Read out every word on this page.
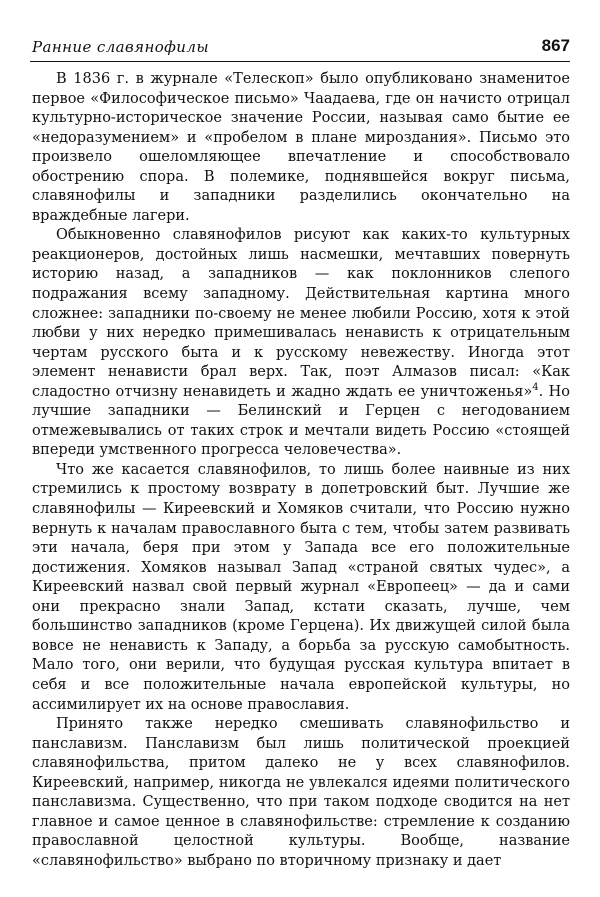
Ранние славянофилы	867

В 1836 г. в журнале «Телескоп» было опубликовано знаменитое первое «Философическое письмо» Чаадаева, где он начисто отрицал культурно-историческое значение России, называя само бытие ее «недоразумением» и «пробелом в плане мироздания». Письмо это произвело ошеломляющее впечатление и способствовало обострению спора. В полемике, поднявшейся вокруг письма, славянофилы и западники разделились окончательно на враждебные лагери.

Обыкновенно славянофилов рисуют как каких-то культурных реакционеров, достойных лишь насмешки, мечтавших повернуть историю назад, а западников — как поклонников слепого подражания всему западному. Действительная картина много сложнее: западники по-своему не менее любили Россию, хотя к этой любви у них нередко примешивалась ненависть к отрицательным чертам русского быта и к русскому невежеству. Иногда этот элемент ненависти брал верх. Так, поэт Алмазов писал: «Как сладостно отчизну ненавидеть и жадно ждать ее уничтоженья»$^4$. Но лучшие западники — Белинский и Герцен с негодованием отмежевывались от таких строк и мечтали видеть Россию «стоящей впереди умственного прогресса человечества».

Что же касается славянофилов, то лишь более наивные из них стремились к простому возврату в допетровский быт. Лучшие же славянофилы — Киреевский и Хомяков считали, что Россию нужно вернуть к началам православного быта с тем, чтобы затем развивать эти начала, беря при этом у Запада все его положительные достижения. Хомяков называл Запад «страной святых чудес», а Киреевский назвал свой первый журнал «Европеец» — да и сами они прекрасно знали Запад, кстати сказать, лучше, чем большинство западников (кроме Герцена). Их движущей силой была вовсе не ненависть к Западу, а борьба за русскую самобытность. Мало того, они верили, что будущая русская культура впитает в себя и все положительные начала европейской культуры, но ассимилирует их на основе православия.

Принято также нередко смешивать славянофильство и панславизм. Панславизм был лишь политической проекцией славянофильства, притом далеко не у всех славянофилов. Киреевский, например, никогда не увлекался идеями политического панславизма. Существенно, что при таком подходе сводится на нет главное и самое ценное в славянофильстве: стремление к созданию православной целостной культуры. Вообще, название «славянофильство» выбрано по вторичному признаку и дает
